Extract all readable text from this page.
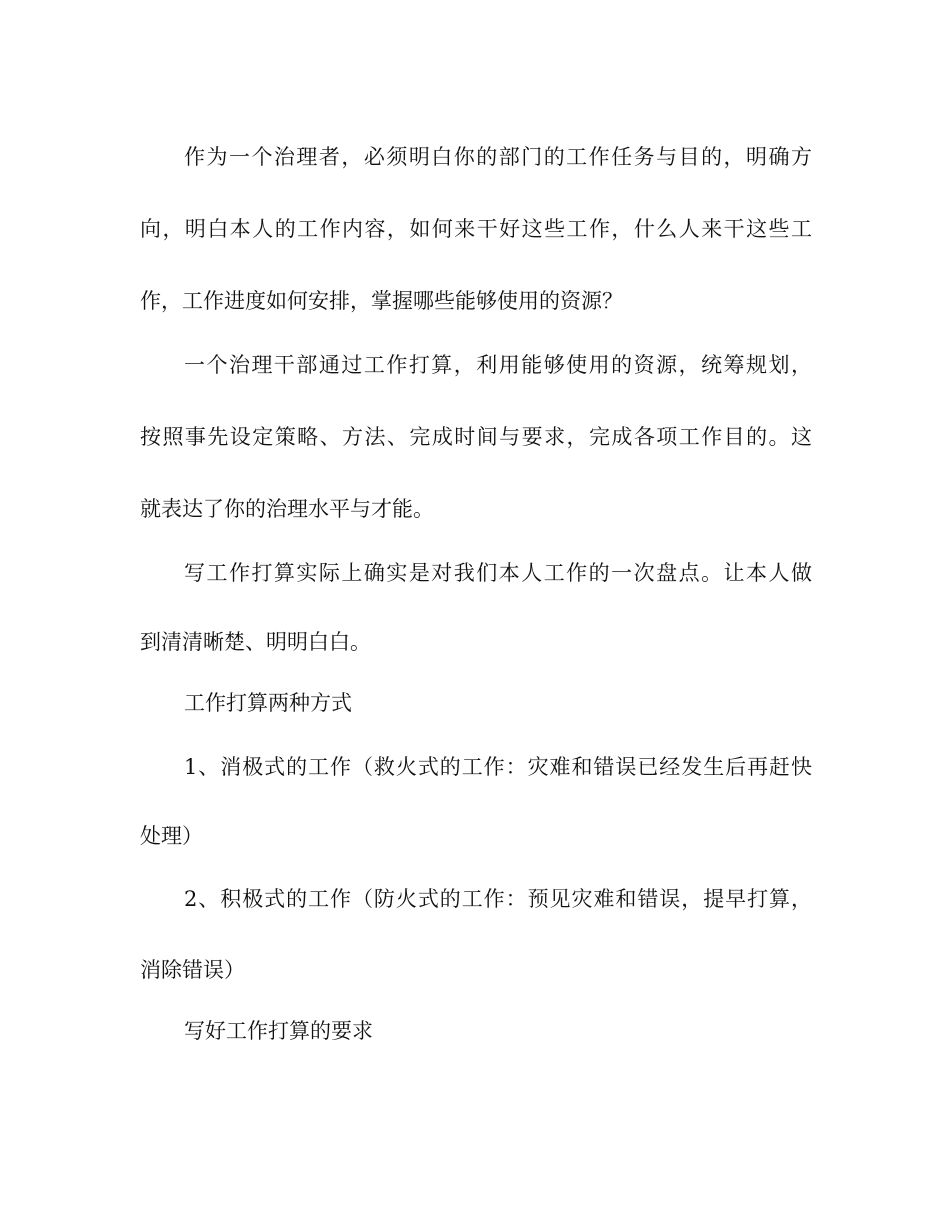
作为一个治理者，必须明白你的部门的工作任务与目的，明确方
向，明白本人的工作内容，如何来干好这些工作，什么人来干这些工
作，工作进度如何安排，掌握哪些能够使用的资源？
一个治理干部通过工作打算，利用能够使用的资源，统筹规划，
按照事先设定策略、方法、完成时间与要求，完成各项工作目的。这
就表达了你的治理水平与才能。
写工作打算实际上确实是对我们本人工作的一次盘点。让本人做
到清清晰楚、明明白白。
工作打算两种方式
1、消极式的工作（救火式的工作：灾难和错误已经发生后再赶快
处理）
2、积极式的工作（防火式的工作：预见灾难和错误，提早打算，
消除错误）
写好工作打算的要求
